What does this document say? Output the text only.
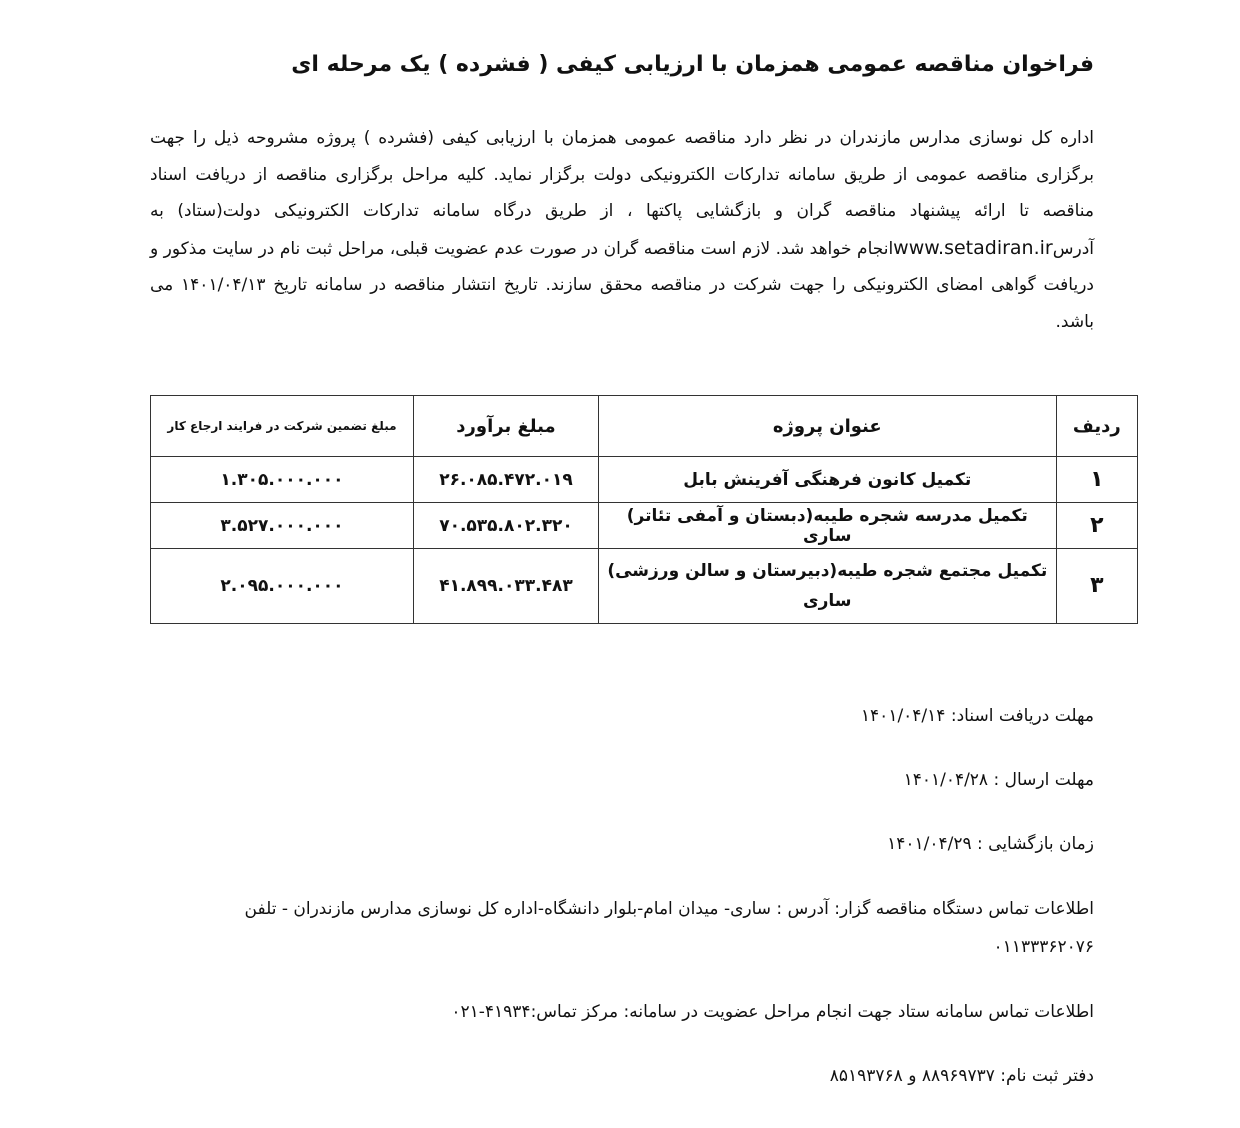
فراخوان مناقصه عمومی همزمان با ارزیابی کیفی ( فشرده ) یک مرحله ای
اداره کل نوسازی مدارس مازندران در نظر دارد مناقصه عمومی همزمان با ارزیابی کیفی (فشرده ) پروژه مشروحه ذیل را جهت برگزاری مناقصه عمومی از طریق سامانه تدارکات الکترونیکی دولت برگزار نماید. کلیه مراحل برگزاری مناقصه از دریافت اسناد مناقصه تا ارائه پیشنهاد مناقصه گران و بازگشایی پاکتها ، از طریق درگاه سامانه تدارکات الکترونیکی دولت(ستاد) به آدرسwww.setadiran.irانجام خواهد شد. لازم است مناقصه گران در صورت عدم عضویت قبلی، مراحل ثبت نام در سایت مذکور و دریافت گواهی امضای الکترونیکی را جهت شرکت در مناقصه محقق سازند. تاریخ انتشار مناقصه در سامانه تاریخ ۱۴۰۱/۰۴/۱۳ می باشد.
ردیف	عنوان پروژه	مبلغ برآورد	مبلغ تضمین شرکت در فرایند ارجاع کار
۱	تکمیل کانون فرهنگی آفرینش بابل	۲۶.۰۸۵.۴۷۲.۰۱۹	۱.۳۰۵.۰۰۰.۰۰۰
۲	تکمیل مدرسه شجره طیبه(دبستان و آمفی تئاتر) ساری	۷۰.۵۳۵.۸۰۲.۳۲۰	۳.۵۲۷.۰۰۰.۰۰۰
۳	تکمیل مجتمع شجره طیبه(دبیرستان و سالن ورزشی) ساری	۴۱.۸۹۹.۰۳۳.۴۸۳	۲.۰۹۵.۰۰۰.۰۰۰
مهلت دریافت اسناد: ۱۴۰۱/۰۴/۱۴
مهلت ارسال : ۱۴۰۱/۰۴/۲۸
زمان بازگشایی : ۱۴۰۱/۰۴/۲۹
اطلاعات تماس دستگاه مناقصه گزار: آدرس : ساری- میدان امام-بلوار دانشگاه-اداره کل نوسازی مدارس مازندران - تلفن
۰۱۱۳۳۳۶۲۰۷۶
اطلاعات تماس سامانه ستاد جهت انجام مراحل عضویت در سامانه: مرکز تماس:۰۲۱-۴۱۹۳۴
دفتر ثبت نام: ۸۸۹۶۹۷۳۷ و ۸۵۱۹۳۷۶۸
